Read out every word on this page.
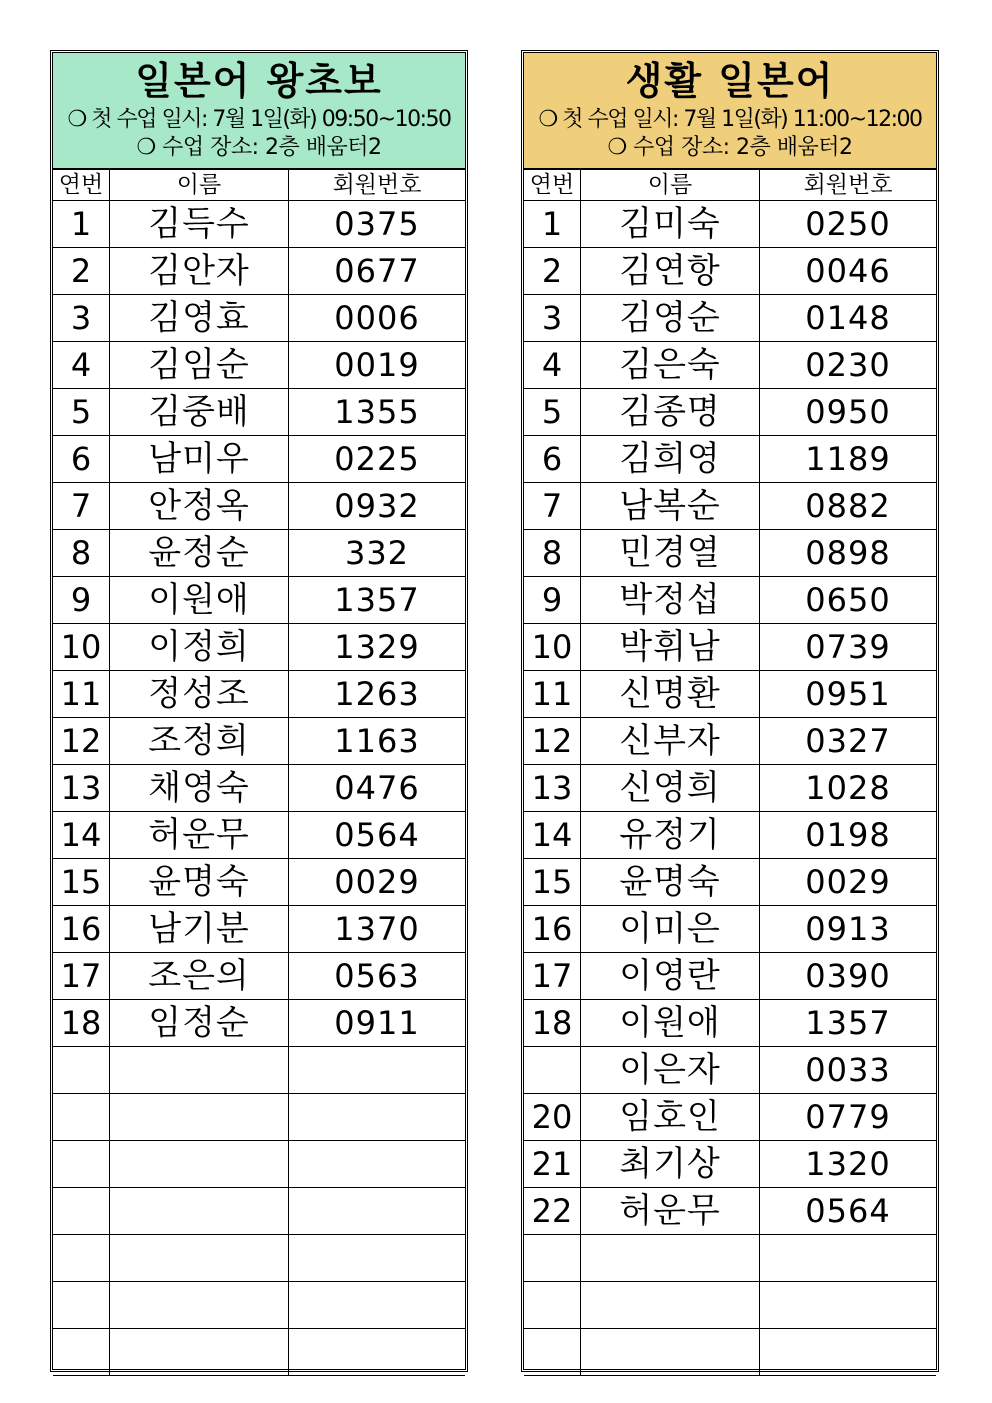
일본어 왕초보
❍ 첫 수업 일시: 7월 1일(화) 09:50~10:50
❍ 수업 장소: 2층 배움터2
연번	이름	회원번호
1	김득수	0375
2	김안자	0677
3	김영효	0006
4	김임순	0019
5	김중배	1355
6	남미우	0225
7	안정옥	0932
8	윤정순	332
9	이원애	1357
10	이정희	1329
11	정성조	1263
12	조정희	1163
13	채영숙	0476
14	허운무	0564
15	윤명숙	0029
16	남기분	1370
17	조은의	0563
18	임정순	0911

생활 일본어
❍ 첫 수업 일시: 7월 1일(화) 11:00~12:00
❍ 수업 장소: 2층 배움터2
연번	이름	회원번호
1	김미숙	0250
2	김연항	0046
3	김영순	0148
4	김은숙	0230
5	김종명	0950
6	김희영	1189
7	남복순	0882
8	민경열	0898
9	박정섭	0650
10	박휘남	0739
11	신명환	0951
12	신부자	0327
13	신영희	1028
14	유정기	0198
15	윤명숙	0029
16	이미은	0913
17	이영란	0390
18	이원애	1357
	이은자	0033
20	임호인	0779
21	최기상	1320
22	허운무	0564
